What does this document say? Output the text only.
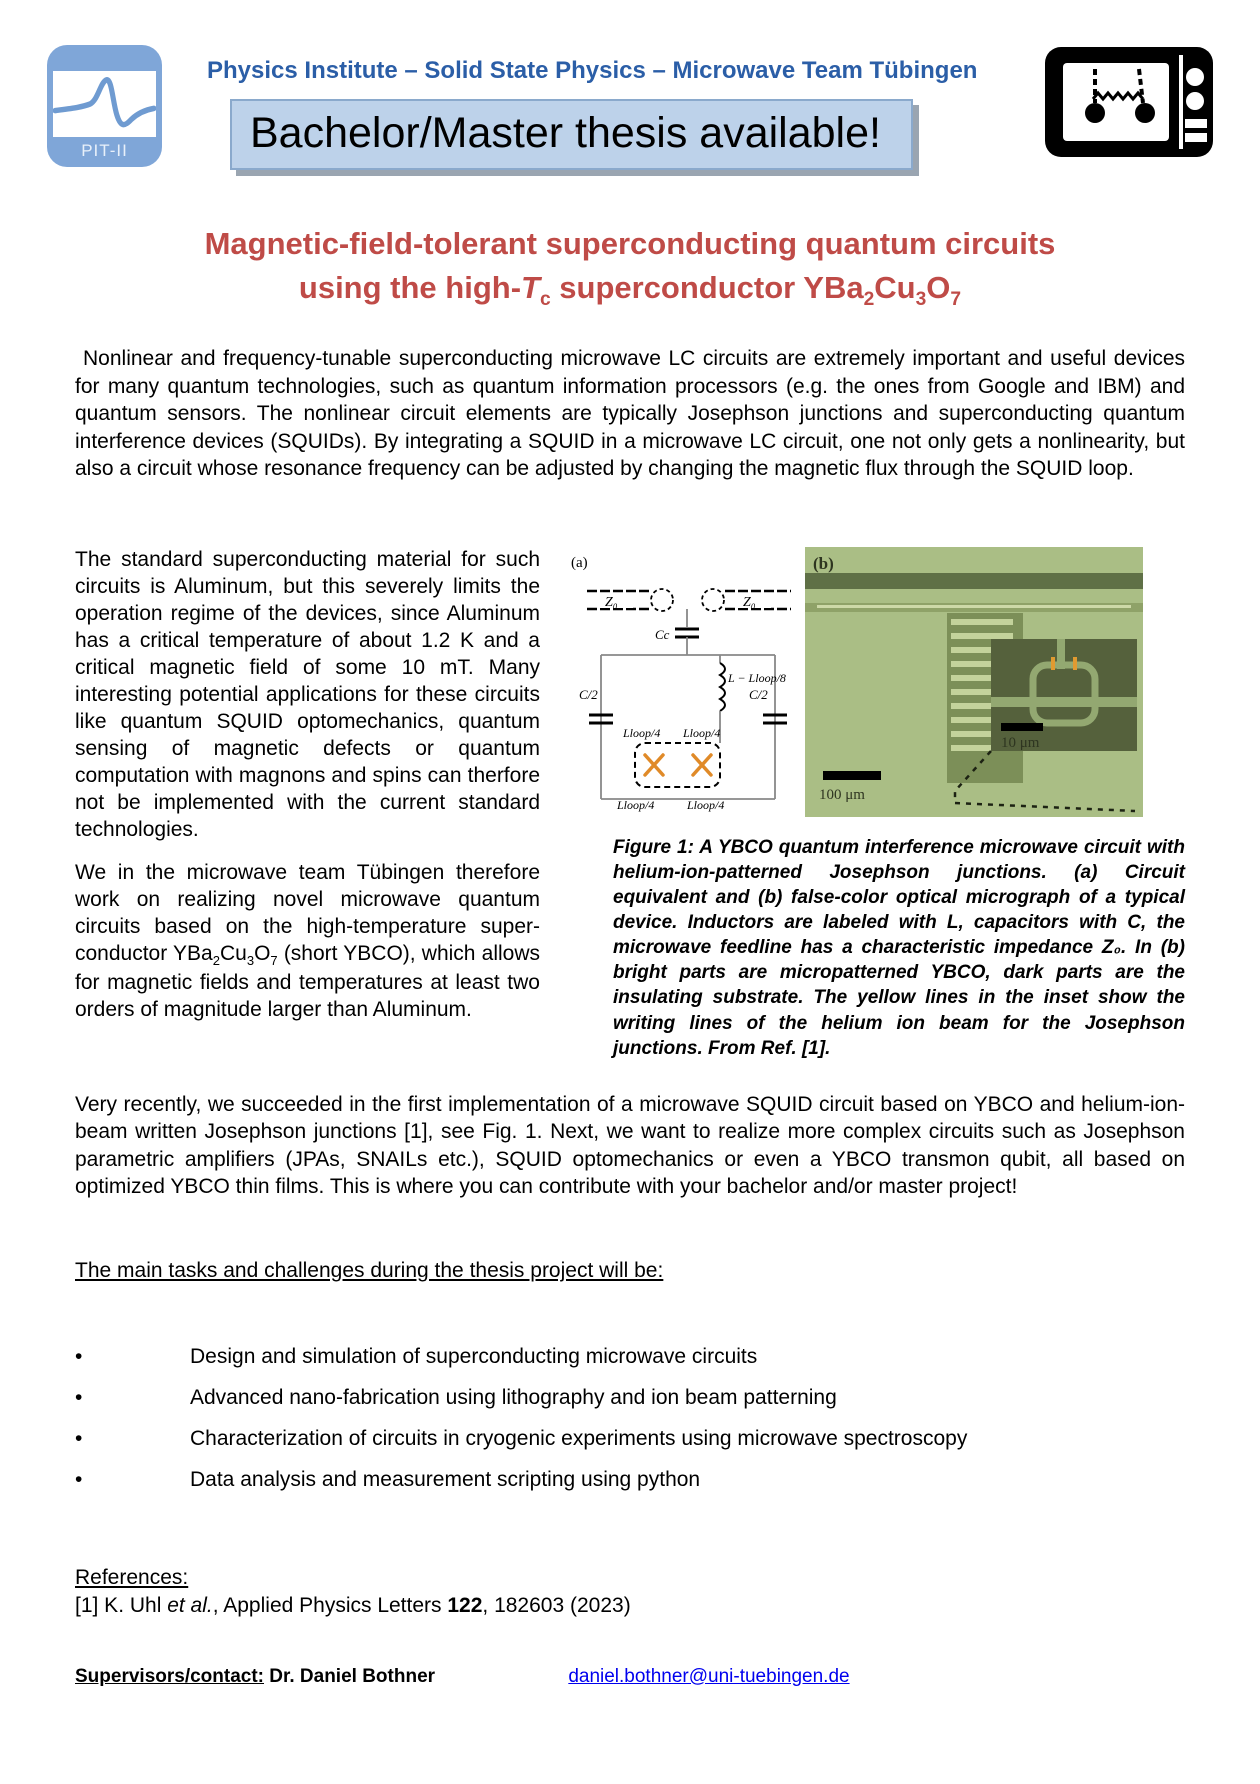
PIT-II
Physics Institute – Solid State Physics – Microwave Team Tübingen
Bachelor/Master thesis available!
Magnetic-field-tolerant superconducting quantum circuits
using the high-$T_c$ superconductor $YBa_2Cu_3O_7$

Nonlinear and frequency-tunable superconducting microwave LC circuits are extremely important and useful devices for many quantum technologies, such as quantum information processors (e.g. the ones from Google and IBM) and quantum sensors. The nonlinear circuit elements are typically Josephson junctions and superconducting quantum interference devices (SQUIDs). By integrating a SQUID in a microwave LC circuit, one not only gets a nonlinearity, but also a circuit whose resonance frequency can be adjusted by changing the magnetic flux through the SQUID loop.

The standard superconducting material for such circuits is Aluminum, but this severely limits the operation regime of the devices, since Aluminum has a critical temperature of about 1.2 K and a critical magnetic field of some 10 mT. Many interesting potential applications for these circuits like quantum SQUID optomechanics, quantum sensing of magnetic defects or quantum computation with magnons and spins can therfore not be implemented with the current standard technologies.

We in the microwave team Tübingen therefore work on realizing novel microwave quantum circuits based on the high-temperature super-conductor $YBa_2Cu_3O_7$ (short YBCO), which allows for magnetic fields and temperatures at least two orders of magnitude larger than Aluminum.

(a)
Z₀	Z₀
Cc
C/2	C/2
L − Lloop/8
Lloop/4 Lloop/4
Lloop/4	Lloop/4
(b)
10 μm
100 μm

Figure 1: A YBCO quantum interference microwave circuit with helium-ion-patterned Josephson junctions. (a) Circuit equivalent and (b) false-color optical micrograph of a typical device. Inductors are labeled with L, capacitors with C, the microwave feedline has a characteristic impedance Z₀. In (b) bright parts are micropatterned YBCO, dark parts are the insulating substrate. The yellow lines in the inset show the writing lines of the helium ion beam for the Josephson junctions. From Ref. [1].

Very recently, we succeeded in the first implementation of a microwave SQUID circuit based on YBCO and helium-ion-beam written Josephson junctions [1], see Fig. 1. Next, we want to realize more complex circuits such as Josephson parametric amplifiers (JPAs, SNAILs etc.), SQUID optomechanics or even a YBCO transmon qubit, all based on optimized YBCO thin films. This is where you can contribute with your bachelor and/or master project!

The main tasks and challenges during the thesis project will be:
•	Design and simulation of superconducting microwave circuits
•	Advanced nano-fabrication using lithography and ion beam patterning
•	Characterization of circuits in cryogenic experiments using microwave spectroscopy
•	Data analysis and measurement scripting using python
References:
[1] K. Uhl et al., Applied Physics Letters 122, 182603 (2023)
Supervisors/contact: Dr. Daniel Bothner	daniel.bothner@uni-tuebingen.de
